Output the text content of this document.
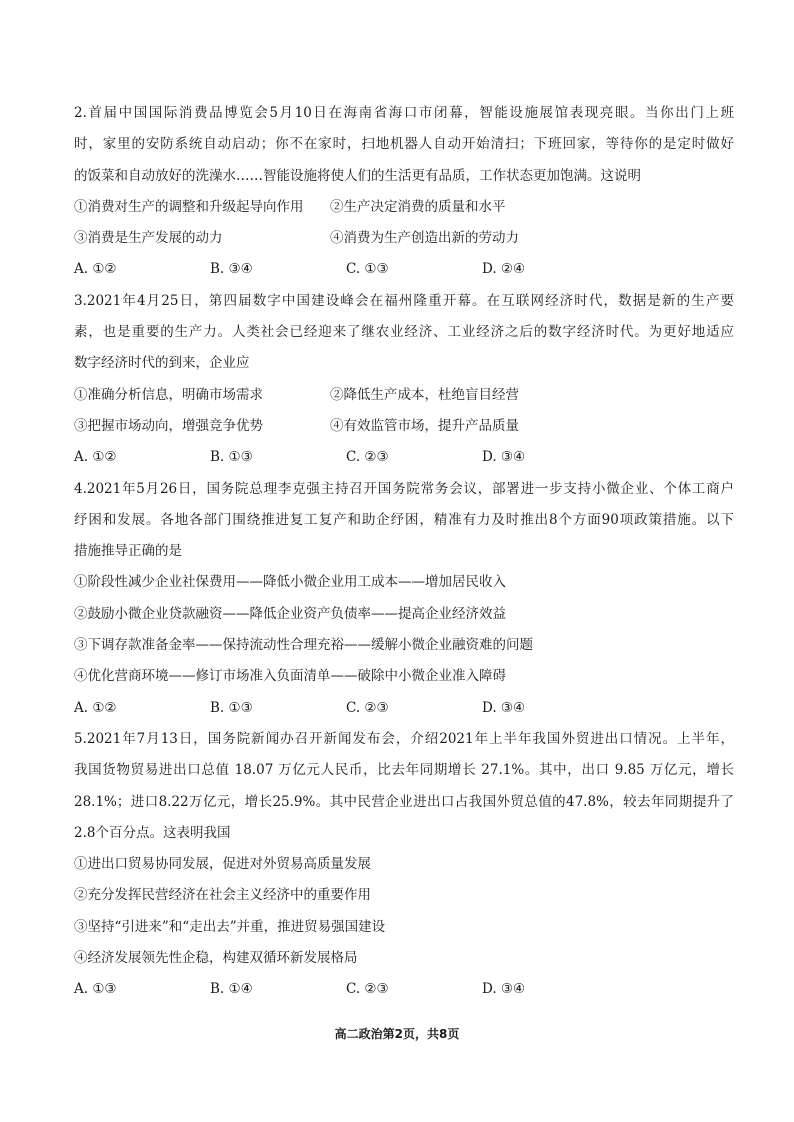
2.首届中国国际消费品博览会5月10日在海南省海口市闭幕，智能设施展馆表现亮眼。当你出门上班
时，家里的安防系统自动启动；你不在家时，扫地机器人自动开始清扫；下班回家，等待你的是定时做好
的饭菜和自动放好的洗澡水……智能设施将使人们的生活更有品质，工作状态更加饱满。这说明
①消费对生产的调整和升级起导向作用	②生产决定消费的质量和水平
③消费是生产发展的动力	④消费为生产创造出新的劳动力
A. ①②	B. ③④	C. ①③	D. ②④
3.2021年4月25日，第四届数字中国建设峰会在福州隆重开幕。在互联网经济时代，数据是新的生产要
素，也是重要的生产力。人类社会已经迎来了继农业经济、工业经济之后的数字经济时代。为更好地适应
数字经济时代的到来，企业应
①准确分析信息，明确市场需求	②降低生产成本，杜绝盲目经营
③把握市场动向，增强竞争优势	④有效监管市场，提升产品质量
A. ①②	B. ①③	C. ②③	D. ③④
4.2021年5月26日，国务院总理李克强主持召开国务院常务会议，部署进一步支持小微企业、个体工商户
纾困和发展。各地各部门围绕推进复工复产和助企纾困，精准有力及时推出8个方面90项政策措施。以下
措施推导正确的是
①阶段性减少企业社保费用——降低小微企业用工成本——增加居民收入
②鼓励小微企业贷款融资——降低企业资产负债率——提高企业经济效益
③下调存款准备金率——保持流动性合理充裕——缓解小微企业融资难的问题
④优化营商环境——修订市场准入负面清单——破除中小微企业准入障碍
A. ①②	B. ①③	C. ②③	D. ③④
5.2021年7月13日，国务院新闻办召开新闻发布会，介绍2021年上半年我国外贸进出口情况。上半年，
我国货物贸易进出口总值 18.07 万亿元人民币，比去年同期增长 27.1%。其中，出口 9.85 万亿元，增长
28.1%；进口8.22万亿元，增长25.9%。其中民营企业进出口占我国外贸总值的47.8%，较去年同期提升了
2.8个百分点。这表明我国
①进出口贸易协同发展，促进对外贸易高质量发展
②充分发挥民营经济在社会主义经济中的重要作用
③坚持“引进来”和“走出去”并重，推进贸易强国建设
④经济发展领先性企稳，构建双循环新发展格局
A. ①③	B. ①④	C. ②③	D. ③④
高二政治第2页，共8页
